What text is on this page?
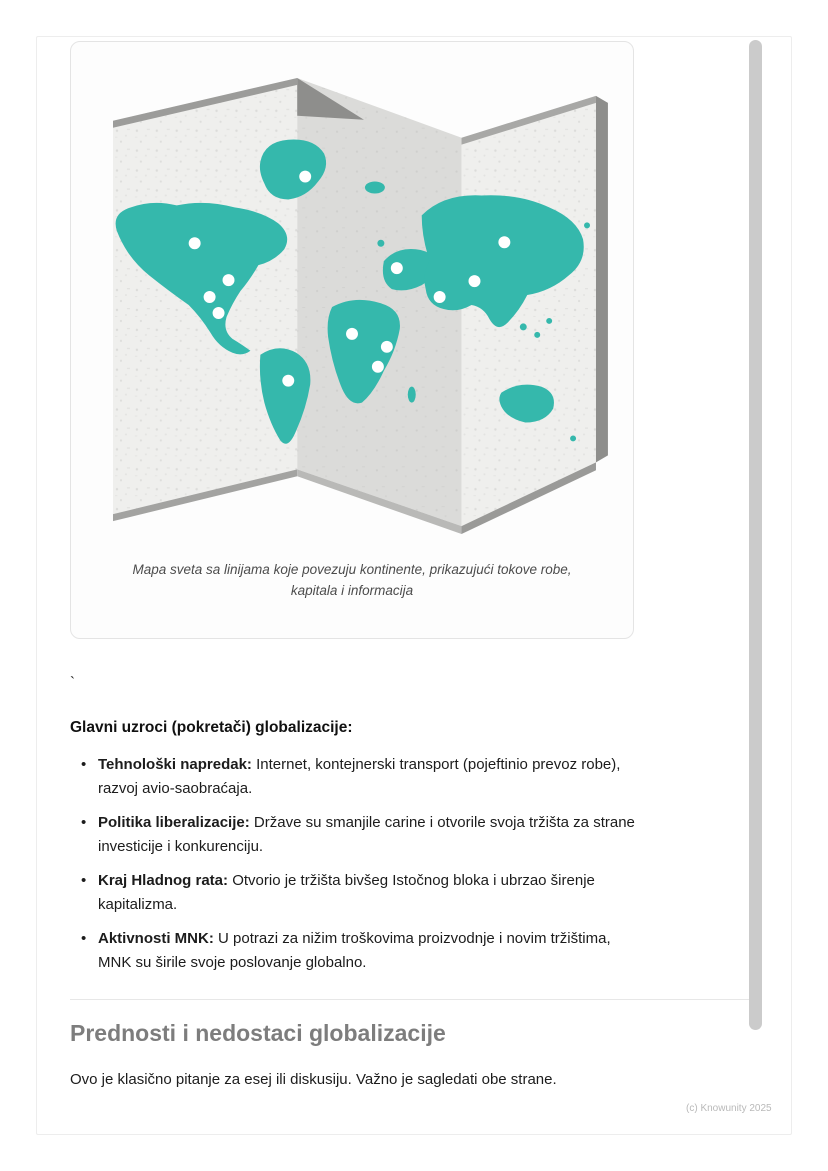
Mapa sveta sa linijama koje povezuju kontinente, prikazujući tokove robe,
kapitala i informacija
`

Glavni uzroci (pokretači) globalizacije:

• Tehnološki napredak: Internet, kontejnerski transport (pojeftinio prevoz robe), razvoj avio-saobraćaja.
• Politika liberalizacije: Države su smanjile carine i otvorile svoja tržišta za strane investicije i konkurenciju.
• Kraj Hladnog rata: Otvorio je tržišta bivšeg Istočnog bloka i ubrzao širenje kapitalizma.
• Aktivnosti MNK: U potrazi za nižim troškovima proizvodnje i novim tržištima, MNK su širile svoje poslovanje globalno.
Prednosti i nedostaci globalizacije

Ovo je klasično pitanje za esej ili diskusiju. Važno je sagledati obe strane.

(c) Knowunity 2025
